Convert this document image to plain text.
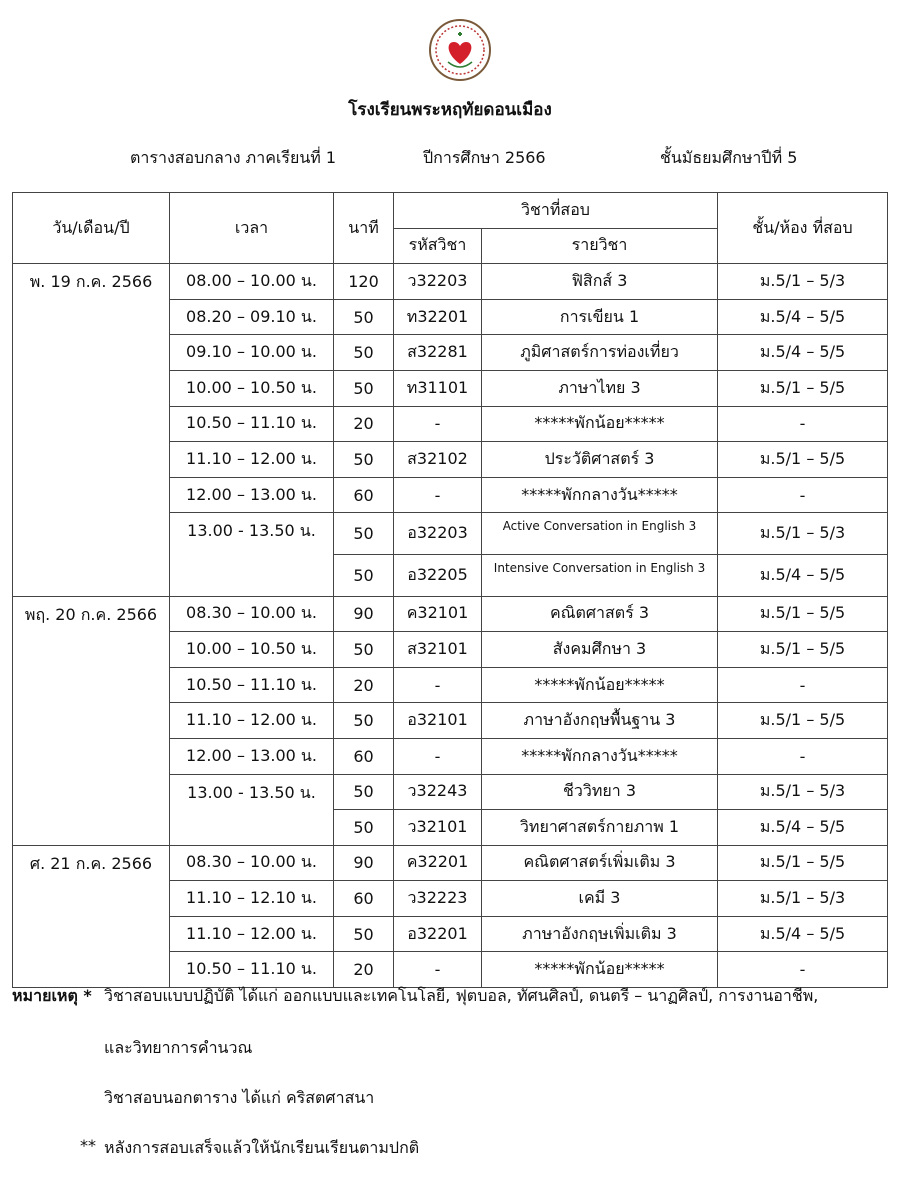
โรงเรียนพระหฤทัยดอนเมือง
ตารางสอบกลาง ภาคเรียนที่ 1	ปีการศึกษา 2566	ชั้นมัธยมศึกษาปีที่ 5
วัน/เดือน/ปี	เวลา	นาที	วิชาที่สอบ		ชั้น/ห้อง ที่สอบ
			รหัสวิชา	รายวิชา	
พ. 19 ก.ค. 2566	08.00 – 10.00 น.	120	ว32203	ฟิสิกส์ 3	ม.5/1 – 5/3
	08.20 – 09.10 น.	50	ท32201	การเขียน 1	ม.5/4 – 5/5
	09.10 – 10.00 น.	50	ส32281	ภูมิศาสตร์การท่องเที่ยว	ม.5/4 – 5/5
	10.00 – 10.50 น.	50	ท31101	ภาษาไทย 3	ม.5/1 – 5/5
	10.50 – 11.10 น.	20	-	*****พักน้อย*****	-
	11.10 – 12.00 น.	50	ส32102	ประวัติศาสตร์ 3	ม.5/1 – 5/5
	12.00 – 13.00 น.	60	-	*****พักกลางวัน*****	-
	13.00 - 13.50 น.	50	อ32203	Active Conversation in English 3	ม.5/1 – 5/3
		50	อ32205	Intensive Conversation in English 3	ม.5/4 – 5/5
พฤ. 20 ก.ค. 2566	08.30 – 10.00 น.	90	ค32101	คณิตศาสตร์ 3	ม.5/1 – 5/5
	10.00 – 10.50 น.	50	ส32101	สังคมศึกษา 3	ม.5/1 – 5/5
	10.50 – 11.10 น.	20	-	*****พักน้อย*****	-
	11.10 – 12.00 น.	50	อ32101	ภาษาอังกฤษพื้นฐาน 3	ม.5/1 – 5/5
	12.00 – 13.00 น.	60	-	*****พักกลางวัน*****	-
	13.00 - 13.50 น.	50	ว32243	ชีววิทยา 3	ม.5/1 – 5/3
		50	ว32101	วิทยาศาสตร์กายภาพ 1	ม.5/4 – 5/5
ศ. 21 ก.ค. 2566	08.30 – 10.00 น.	90	ค32201	คณิตศาสตร์เพิ่มเติม 3	ม.5/1 – 5/5
	11.10 – 12.10 น.	60	ว32223	เคมี 3	ม.5/1 – 5/3
	11.10 – 12.00 น.	50	อ32201	ภาษาอังกฤษเพิ่มเติม 3	ม.5/4 – 5/5
	10.50 – 11.10 น.	20	-	*****พักน้อย*****	-
หมายเหตุ * วิชาสอบแบบปฏิบัติ ได้แก่ ออกแบบและเทคโนโลยี, ฟุตบอล, ทัศนศิลป์, ดนตรี – นาฏศิลป์, การงานอาชีพ,
และวิทยาการคำนวณ
วิชาสอบนอกตาราง ได้แก่ คริสตศาสนา
** หลังการสอบเสร็จแล้วให้นักเรียนเรียนตามปกติ
